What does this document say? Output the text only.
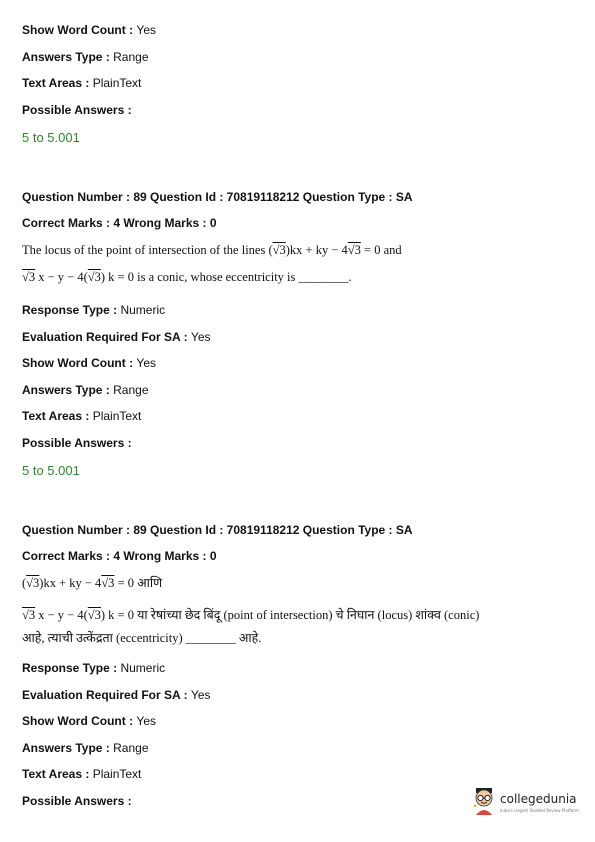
Show Word Count : Yes
Answers Type : Range
Text Areas : PlainText
Possible Answers :
5 to 5.001
Question Number : 89 Question Id : 70819118212 Question Type : SA
Correct Marks : 4 Wrong Marks : 0
The locus of the point of intersection of the lines (√3)kx + ky − 4√3 = 0 and
√3 x − y − 4(√3) k = 0 is a conic, whose eccentricity is ________.
Response Type : Numeric
Evaluation Required For SA : Yes
Show Word Count : Yes
Answers Type : Range
Text Areas : PlainText
Possible Answers :
5 to 5.001
Question Number : 89 Question Id : 70819118212 Question Type : SA
Correct Marks : 4 Wrong Marks : 0
(√3)kx + ky − 4√3 = 0 आणि
√3 x − y − 4(√3) k = 0 या रेषांच्या छेद बिंदू (point of intersection) चे निघान (locus) शांक्व (conic)
आहे, त्याची उत्केंद्रता (eccentricity) ________ आहे.
Response Type : Numeric
Evaluation Required For SA : Yes
Show Word Count : Yes
Answers Type : Range
Text Areas : PlainText
Possible Answers :	collegedunia
India's largest Student Review Platform
